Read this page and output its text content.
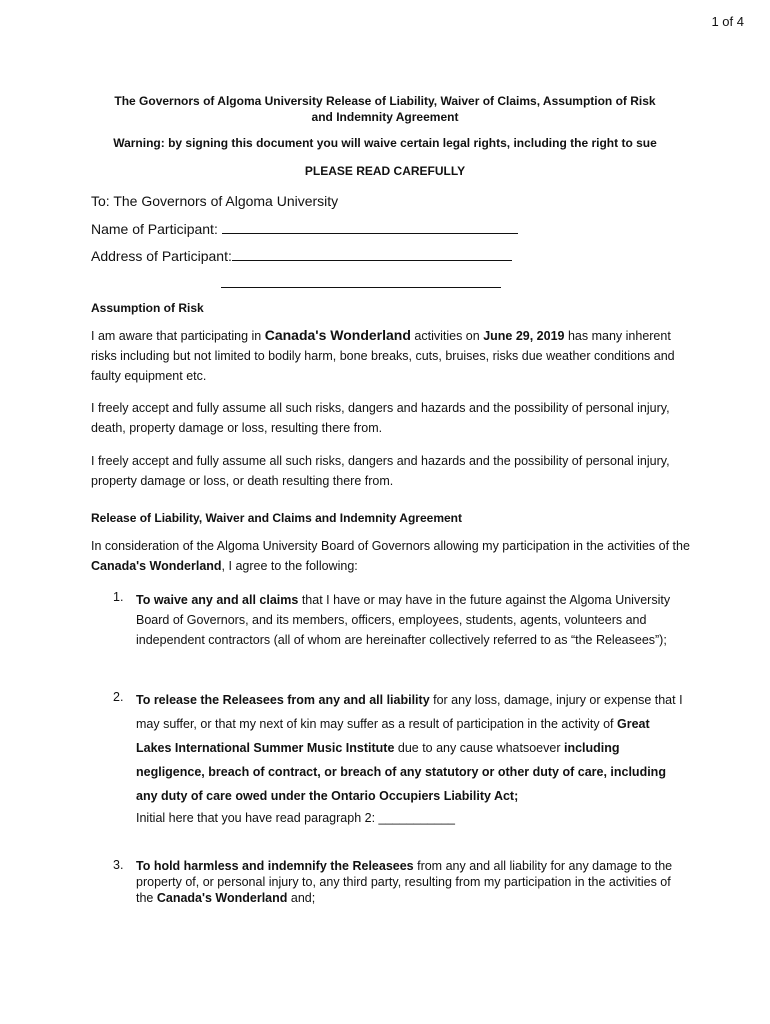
1 of 4
The Governors of Algoma University Release of Liability, Waiver of Claims, Assumption of Risk
and Indemnity Agreement
Warning: by signing this document you will waive certain legal rights, including the right to sue
PLEASE READ CAREFULLY
To: The Governors of Algoma University
Name of Participant:
Address of Participant:
Assumption of Risk
I am aware that participating in Canada's Wonderland activities on June 29, 2019 has many inherent risks including but not limited to bodily harm, bone breaks, cuts, bruises, risks due weather conditions and faulty equipment etc.
I freely accept and fully assume all such risks, dangers and hazards and the possibility of personal injury, death, property damage or loss, resulting there from.
I freely accept and fully assume all such risks, dangers and hazards and the possibility of personal injury, property damage or loss, or death resulting there from.
Release of Liability, Waiver and Claims and Indemnity Agreement
In consideration of the Algoma University Board of Governors allowing my participation in the activities of the Canada's Wonderland, I agree to the following:
1. To waive any and all claims that I have or may have in the future against the Algoma University Board of Governors, and its members, officers, employees, students, agents, volunteers and independent contractors (all of whom are hereinafter collectively referred to as “the Releasees”);
2. To release the Releasees from any and all liability for any loss, damage, injury or expense that I may suffer, or that my next of kin may suffer as a result of participation in the activity of Great Lakes International Summer Music Institute due to any cause whatsoever including negligence, breach of contract, or breach of any statutory or other duty of care, including any duty of care owed under the Ontario Occupiers Liability Act;
Initial here that you have read paragraph 2: ___________
3. To hold harmless and indemnify the Releasees from any and all liability for any damage to the property of, or personal injury to, any third party, resulting from my participation in the activities of the Canada's Wonderland and;
